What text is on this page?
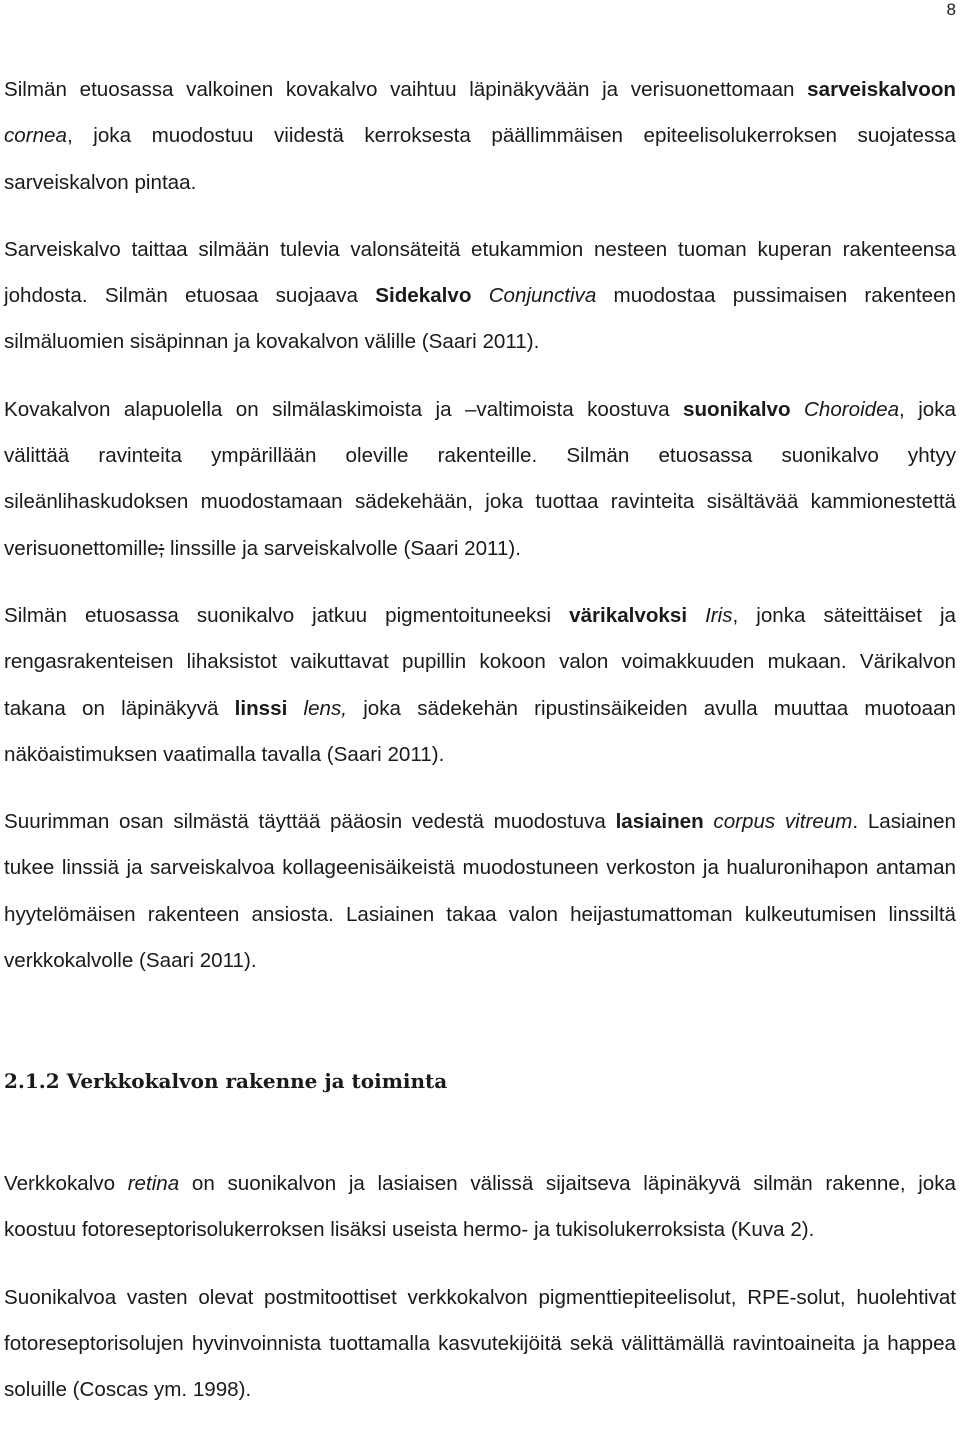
8

Silmän etuosassa valkoinen kovakalvo vaihtuu läpinäkyvään ja verisuonettomaan sarveiskalvoon cornea, joka muodostuu viidestä kerroksesta päällimmäisen epiteelisolukerroksen suojatessa sarveiskalvon pintaa.

Sarveiskalvo taittaa silmään tulevia valonsäteitä etukammion nesteen tuoman kuperan rakenteensa johdosta. Silmän etuosaa suojaava Sidekalvo Conjunctiva muodostaa pussimaisen rakenteen silmäluomien sisäpinnan ja kovakalvon välille (Saari 2011).

Kovakalvon alapuolella on silmälaskimoista ja –valtimoista koostuva suonikalvo Choroidea, joka välittää ravinteita ympärillään oleville rakenteille. Silmän etuosassa suonikalvo yhtyy sileänlihaskudoksen muodostamaan sädekehään, joka tuottaa ravinteita sisältävää kammionestettä verisuonettomille; linssille ja sarveiskalvolle (Saari 2011).

Silmän etuosassa suonikalvo jatkuu pigmentoituneeksi värikalvoksi Iris, jonka säteittäiset ja rengasrakenteisen lihaksistot vaikuttavat pupillin kokoon valon voimakkuuden mukaan. Värikalvon takana on läpinäkyvä linssi lens, joka sädekehän ripustinsäikeiden avulla muuttaa muotoaan näköaistimuksen vaatimalla tavalla (Saari 2011).

Suurimman osan silmästä täyttää pääosin vedestä muodostuva lasiainen corpus vitreum. Lasiainen tukee linssiä ja sarveiskalvoa kollageenisäikeistä muodostuneen verkoston ja hualuronihapon antaman hyytelömäisen rakenteen ansiosta. Lasiainen takaa valon heijastumattoman kulkeutumisen linssiltä verkkokalvolle (Saari 2011).

2.1.2 Verkkokalvon rakenne ja toiminta

Verkkokalvo retina on suonikalvon ja lasiaisen välissä sijaitseva läpinäkyvä silmän rakenne, joka koostuu fotoreseptorisolukerroksen lisäksi useista hermo- ja tukisolukerroksista (Kuva 2).

Suonikalvoa vasten olevat postmitoottiset verkkokalvon pigmenttiepiteelisolut, RPE-solut, huolehtivat fotoreseptorisolujen hyvinvoinnista tuottamalla kasvutekijöitä sekä välittämällä ravintoaineita ja happea soluille (Coscas ym. 1998).
